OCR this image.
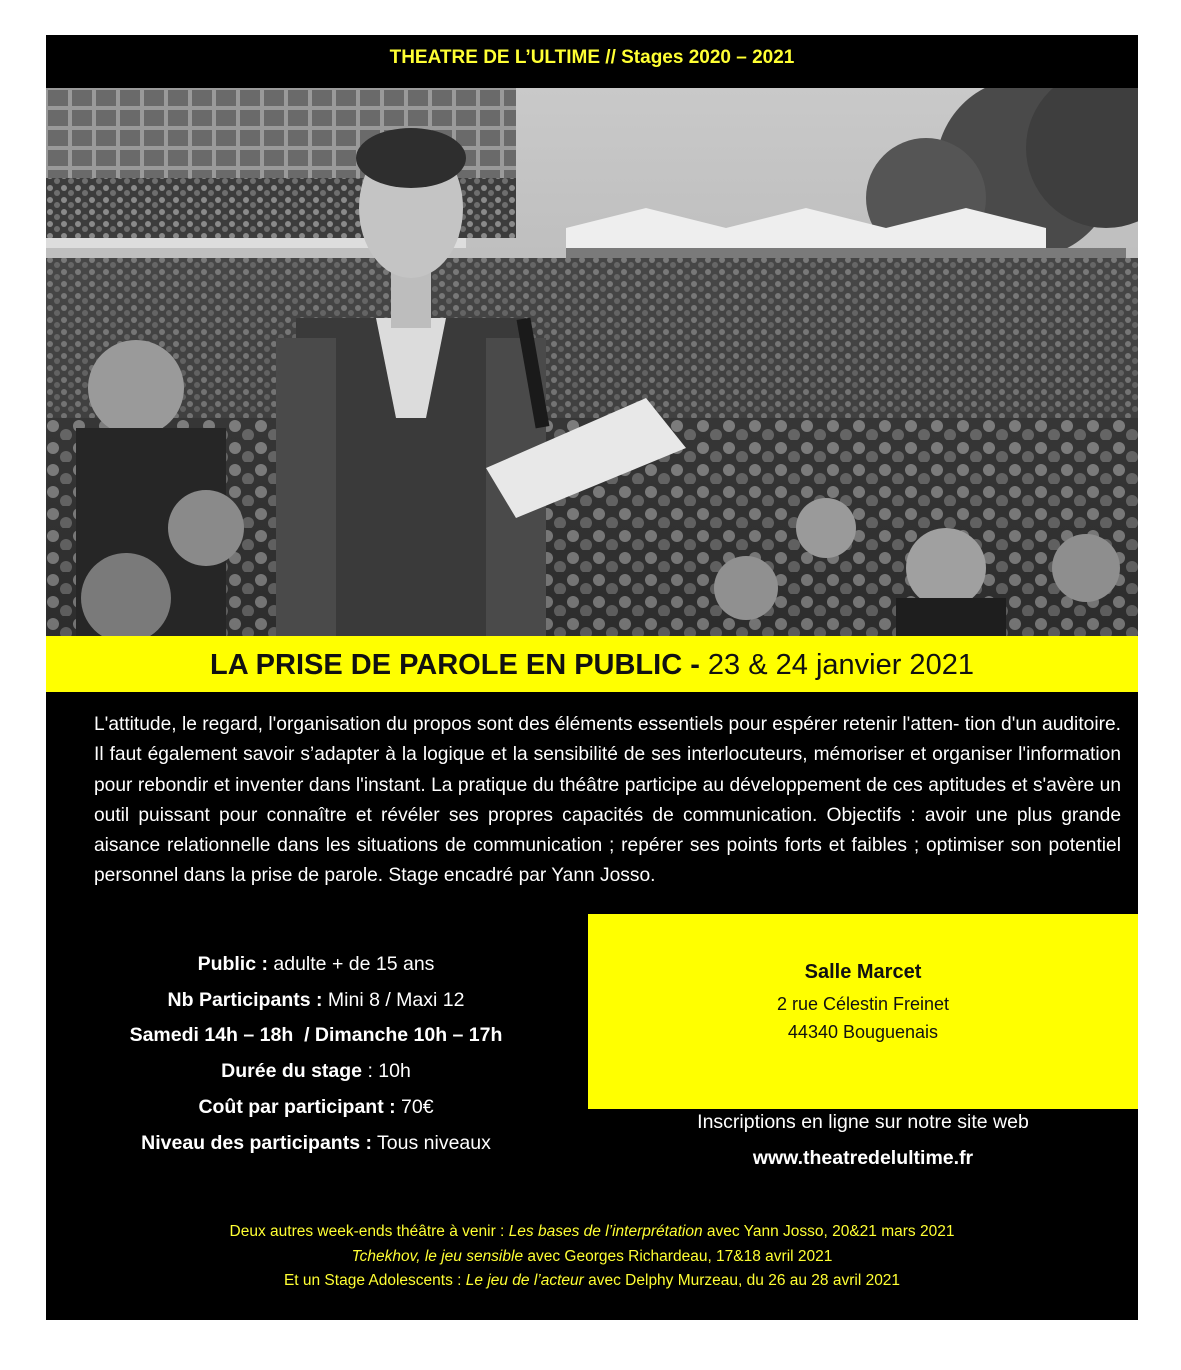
THEATRE DE L’ULTIME // Stages 2020 – 2021
LA PRISE DE PAROLE EN PUBLIC - 23 & 24 janvier 2021
L'attitude, le regard, l'organisation du propos sont des éléments essentiels pour espérer retenir l'atten- tion d'un auditoire. Il faut également savoir s’adapter à la logique et la sensibilité de ses interlocuteurs, mémoriser et organiser l'information pour rebondir et inventer dans l'instant. La pratique du théâtre participe au développement de ces aptitudes et s'avère un outil puissant pour connaître et révéler ses propres capacités de communication. Objectifs : avoir une plus grande aisance relationnelle dans les situations de communication ; repérer ses points forts et faibles ; optimiser son potentiel personnel dans la prise de parole. Stage encadré par Yann Josso.
Public : adulte + de 15 ans
Nb Participants : Mini 8 / Maxi 12
Samedi 14h – 18h  / Dimanche 10h – 17h
Durée du stage : 10h
Coût par participant : 70€
Niveau des participants : Tous niveaux
Salle Marcet
2 rue Célestin Freinet
44340 Bouguenais
Inscriptions en ligne sur notre site web
www.theatredelultime.fr
Deux autres week-ends théâtre à venir : Les bases de l’interprétation avec Yann Josso, 20&21 mars 2021
Tchekhov, le jeu sensible avec Georges Richardeau, 17&18 avril 2021
Et un Stage Adolescents : Le jeu de l’acteur avec Delphy Murzeau, du 26 au 28 avril 2021
